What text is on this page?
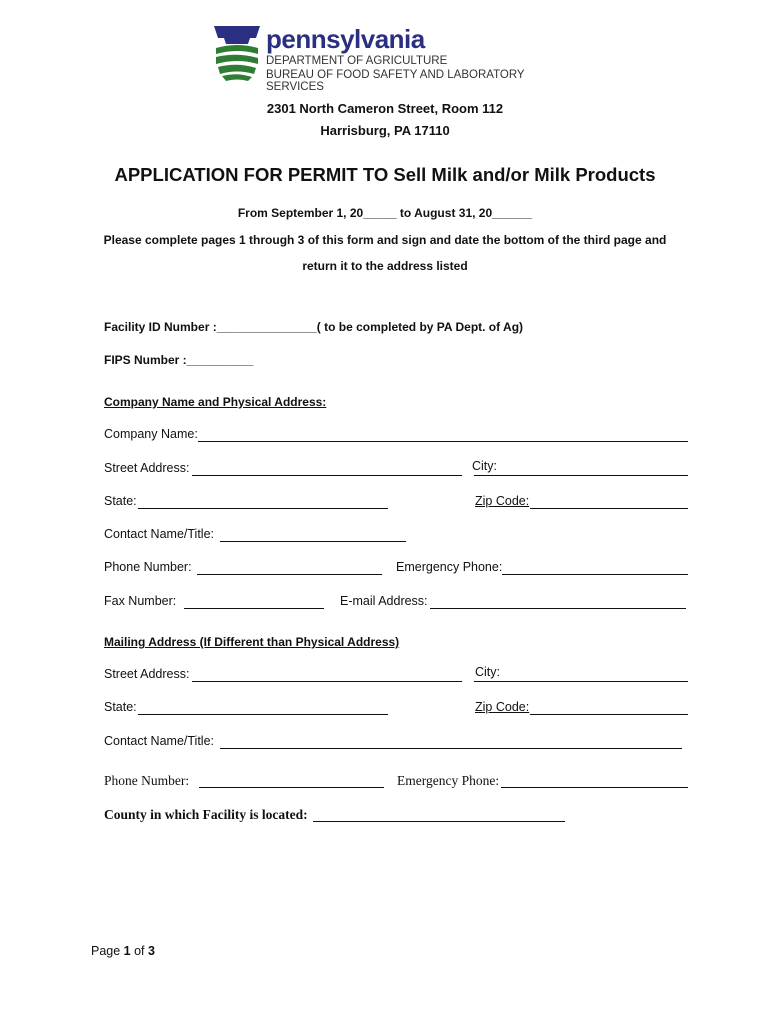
pennsylvania
DEPARTMENT OF AGRICULTURE
BUREAU OF FOOD SAFETY AND LABORATORY SERVICES
2301 North Cameron Street, Room 112
Harrisburg, PA 17110
APPLICATION FOR PERMIT TO Sell Milk and/or Milk Products
From September 1, 20_____ to August 31, 20______
Please complete pages 1 through 3 of this form and sign and date the bottom of the third page and
return it to the address listed
Facility ID Number :_______________( to be completed by PA Dept. of Ag)
FIPS Number :__________
Company Name and Physical Address:
Company Name:
Street Address:	City:
State:	Zip Code:
Contact Name/Title:
Phone Number:	Emergency Phone:
Fax Number:	E-mail Address:
Mailing Address (If Different than Physical Address)
Street Address:	City:
State:	Zip Code:
Contact Name/Title:
Phone Number:	Emergency Phone:
County in which Facility is located:
Page 1 of 3
